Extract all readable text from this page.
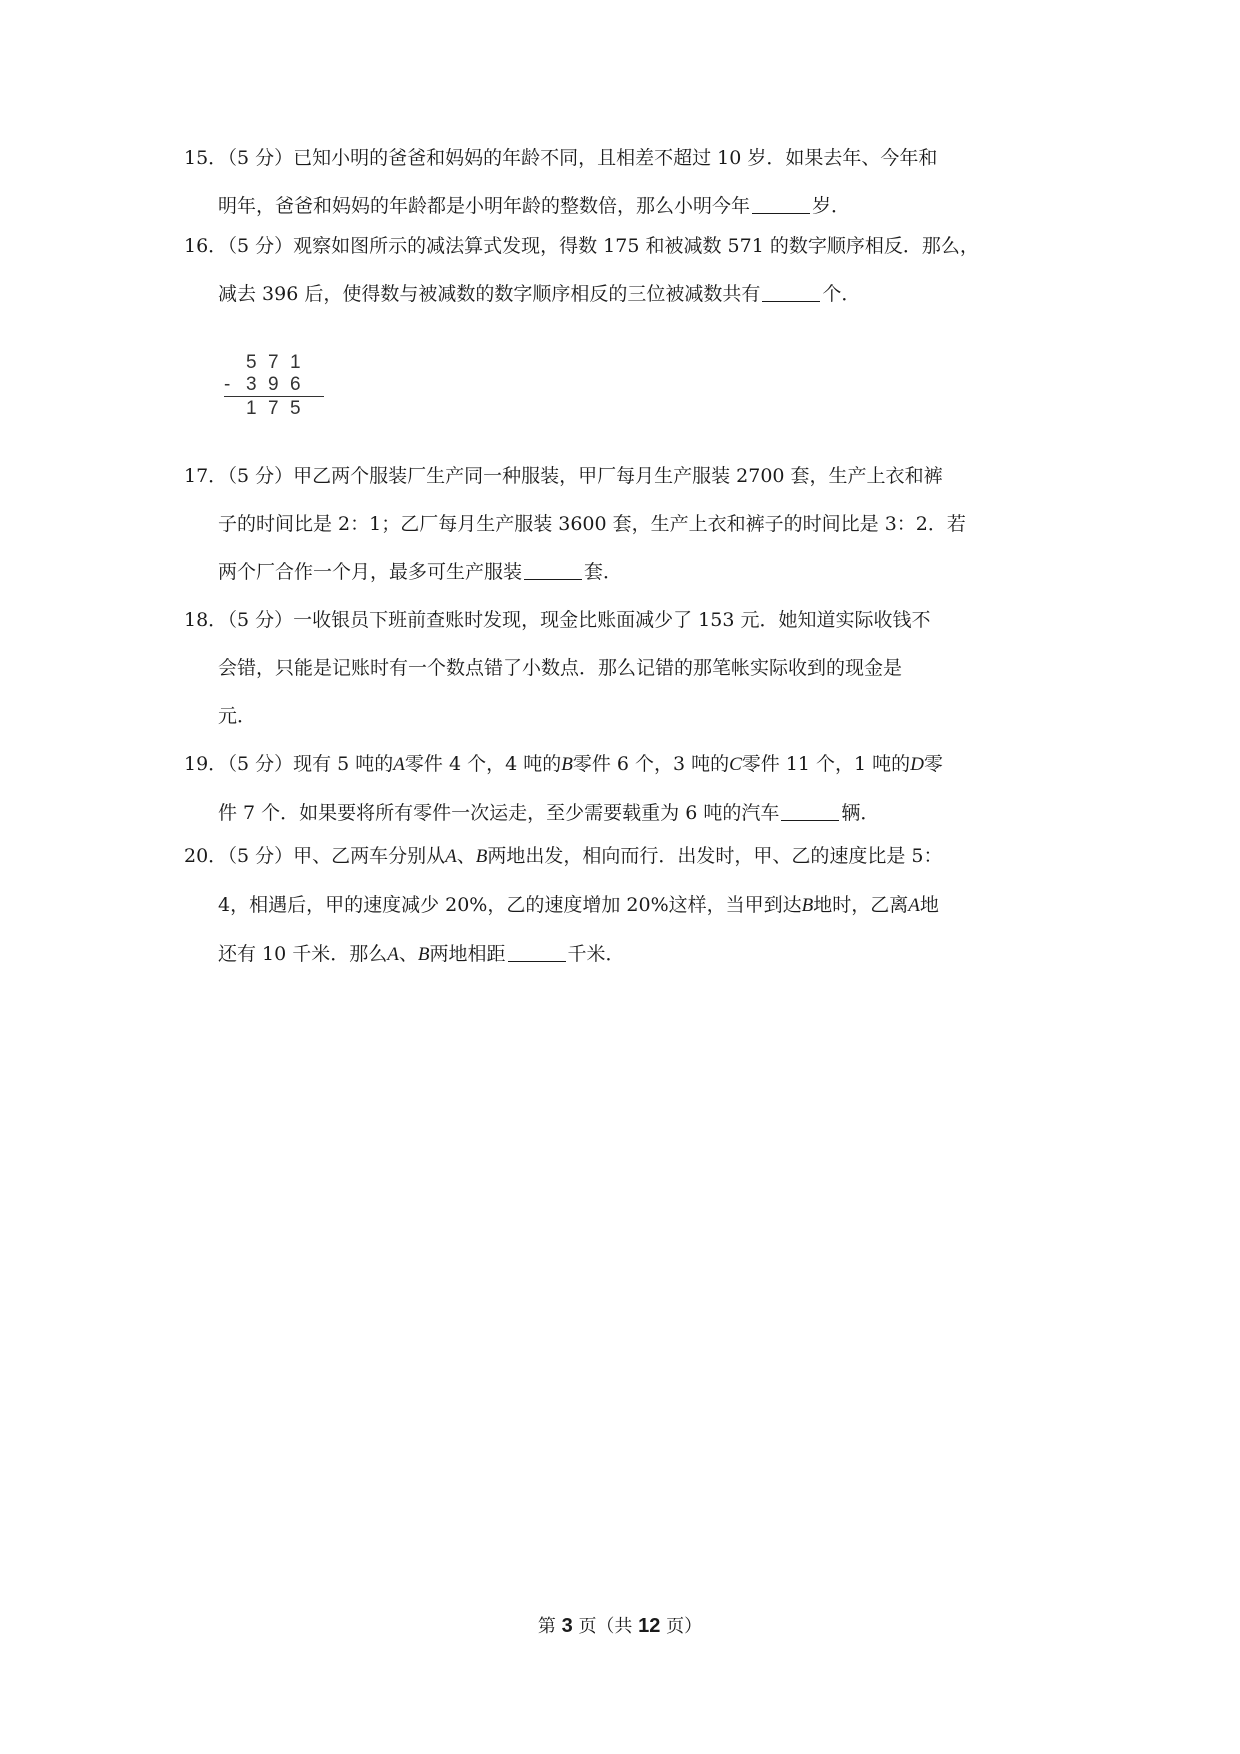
15．（5 分）已知小明的爸爸和妈妈的年龄不同，且相差不超过 10 岁．如果去年、今年和
明年，爸爸和妈妈的年龄都是小明年龄的整数倍，那么小明今年	岁．
16．（5 分）观察如图所示的减法算式发现，得数 175 和被减数 571 的数字顺序相反．那么，
减去 396 后，使得数与被减数的数字顺序相反的三位被减数共有	个．
5 7 1
- 3 9 6
1 7 5
17．（5 分）甲乙两个服装厂生产同一种服装，甲厂每月生产服装 2700 套，生产上衣和裤
子的时间比是 2：1；乙厂每月生产服装 3600 套，生产上衣和裤子的时间比是 3：2．若
两个厂合作一个月，最多可生产服装	套．
18．（5 分）一收银员下班前查账时发现，现金比账面减少了 153 元．她知道实际收钱不
会错，只能是记账时有一个数点错了小数点．那么记错的那笔帐实际收到的现金是
元．
19．（5 分）现有 5 吨的A零件 4 个，4 吨的B零件 6 个，3 吨的C零件 11 个，1 吨的D零
件 7 个．如果要将所有零件一次运走，至少需要载重为 6 吨的汽车	辆．
20．（5 分）甲、乙两车分别从A、B两地出发，相向而行．出发时，甲、乙的速度比是 5：
4，相遇后，甲的速度减少 20%，乙的速度增加 20%这样，当甲到达B地时，乙离A地
还有 10 千米．那么A、B两地相距	千米．
第 3 页（共 12 页）
